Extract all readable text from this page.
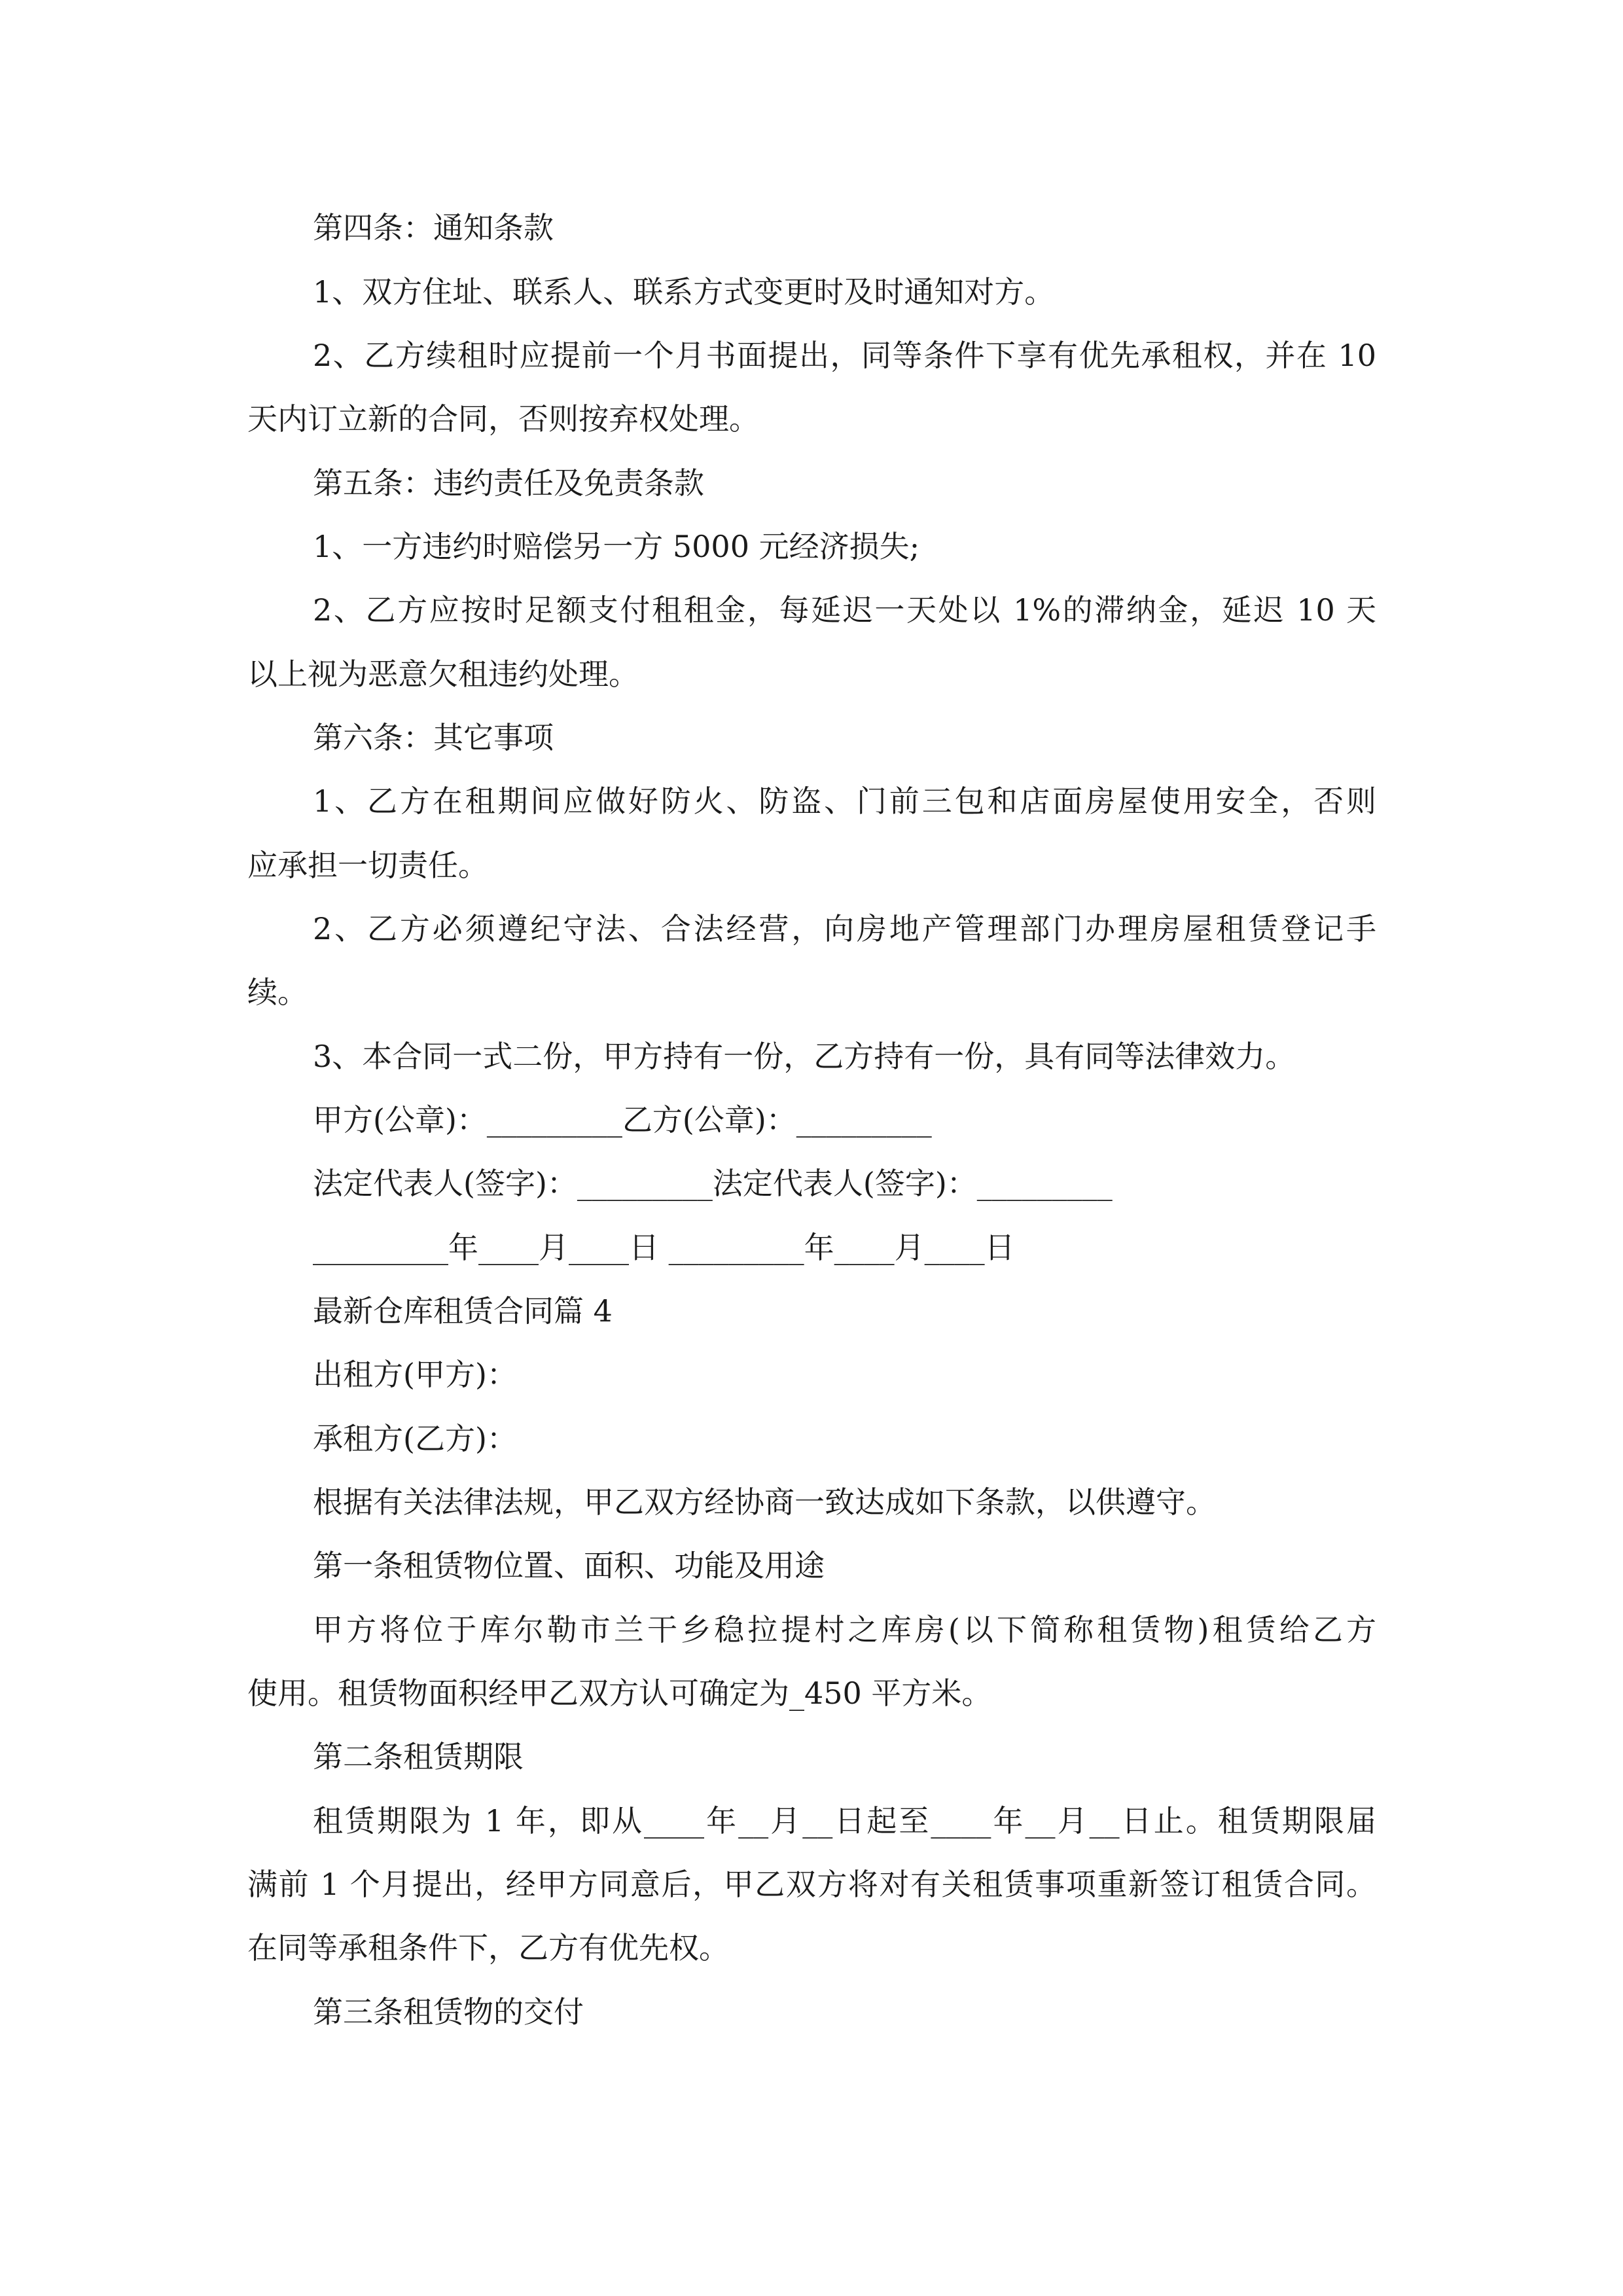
第四条：通知条款

1、双方住址、联系人、联系方式变更时及时通知对方。

2、乙方续租时应提前一个月书面提出，同等条件下享有优先承租权，并在 10

天内订立新的合同，否则按弃权处理。

第五条：违约责任及免责条款

1、一方违约时赔偿另一方 5000 元经济损失;

2、乙方应按时足额支付租租金，每延迟一天处以 1%的滞纳金，延迟 10 天

以上视为恶意欠租违约处理。

第六条：其它事项

1、乙方在租期间应做好防火、防盗、门前三包和店面房屋使用安全，否则

应承担一切责任。

2、乙方必须遵纪守法、合法经营，向房地产管理部门办理房屋租赁登记手

续。

3、本合同一式二份，甲方持有一份，乙方持有一份，具有同等法律效力。

甲方(公章)：_________乙方(公章)：_________

法定代表人(签字)：_________法定代表人(签字)：_________

_________年____月____日 _________年____月____日

最新仓库租赁合同篇 4

出租方(甲方)：

承租方(乙方)：

根据有关法律法规，甲乙双方经协商一致达成如下条款，以供遵守。

第一条租赁物位置、面积、功能及用途

甲方将位于库尔勒市兰干乡稳拉提村之库房(以下简称租赁物)租赁给乙方

使用。租赁物面积经甲乙双方认可确定为_450 平方米。

第二条租赁期限

租赁期限为 1 年，即从____年__月__日起至____年__月__日止。租赁期限届

满前 1 个月提出，经甲方同意后，甲乙双方将对有关租赁事项重新签订租赁合同。

在同等承租条件下，乙方有优先权。

第三条租赁物的交付
